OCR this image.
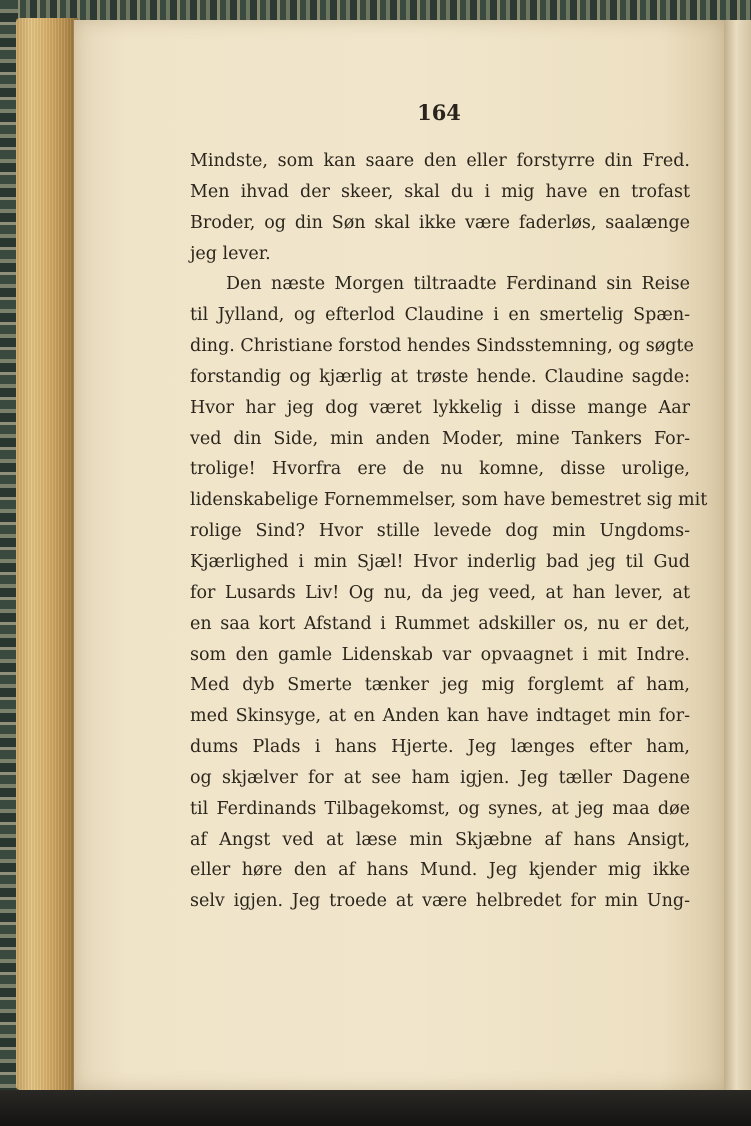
164
Mindste, som kan saare den eller forstyrre din Fred.
Men ihvad der skeer, skal du i mig have en trofast
Broder, og din Søn skal ikke være faderløs, saalænge
jeg lever.
Den næste Morgen tiltraadte Ferdinand sin Reise
til Jylland, og efterlod Claudine i en smertelig Spæn-
ding. Christiane forstod hendes Sindsstemning, og søgte
forstandig og kjærlig at trøste hende. Claudine sagde:
Hvor har jeg dog været lykkelig i disse mange Aar
ved din Side, min anden Moder, mine Tankers For-
trolige! Hvorfra ere de nu komne, disse urolige,
lidenskabelige Fornemmelser, som have bemestret sig mit
rolige Sind? Hvor stille levede dog min Ungdoms-
Kjærlighed i min Sjæl! Hvor inderlig bad jeg til Gud
for Lusards Liv! Og nu, da jeg veed, at han lever, at
en saa kort Afstand i Rummet adskiller os, nu er det,
som den gamle Lidenskab var opvaagnet i mit Indre.
Med dyb Smerte tænker jeg mig forglemt af ham,
med Skinsyge, at en Anden kan have indtaget min for-
dums Plads i hans Hjerte. Jeg længes efter ham,
og skjælver for at see ham igjen. Jeg tæller Dagene
til Ferdinands Tilbagekomst, og synes, at jeg maa døe
af Angst ved at læse min Skjæbne af hans Ansigt,
eller høre den af hans Mund. Jeg kjender mig ikke
selv igjen. Jeg troede at være helbredet for min Ung-
